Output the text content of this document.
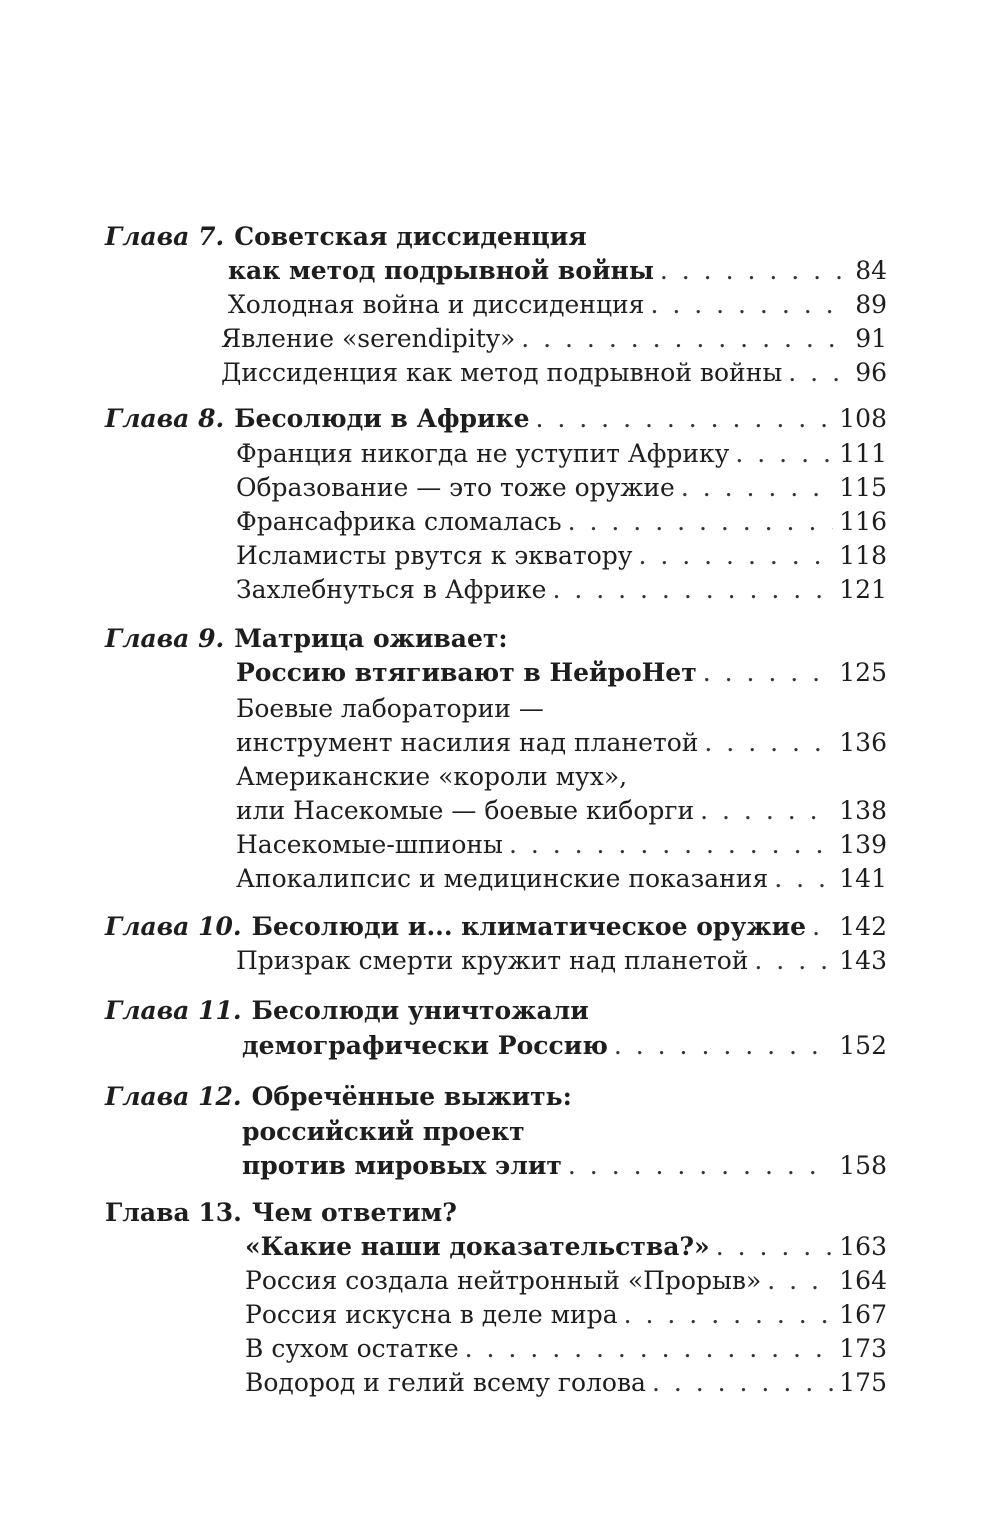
Глава 7. Советская диссиденция
как метод подрывной войны . . .	84
Холодная война и диссиденция . . .	89
Явление «serendipity» . . .	91
Диссиденция как метод подрывной войны . . .	96
Глава 8. Бесолюди в Африке . . .	108
Франция никогда не уступит Африку . . .	111
Образование — это тоже оружие . . .	115
Франсафрика сломалась . . .	116
Исламисты рвутся к экватору . . .	118
Захлебнуться в Африке . . .	121
Глава 9. Матрица оживает:
Россию втягивают в НейроНет . . .	125
Боевые лаборатории —
инструмент насилия над планетой . . .	136
Американские «короли мух»,
или Насекомые — боевые киборги . . .	138
Насекомые-шпионы . . .	139
Апокалипсис и медицинские показания . . .	141
Глава 10. Бесолюди и... климатическое оружие . . . 142
Призрак смерти кружит над планетой . . .	143
Глава 11. Бесолюди уничтожали
демографически Россию . . .	152
Глава 12. Обречённые выжить:
российский проект
против мировых элит . . .	158
Глава 13. Чем ответим?
«Какие наши доказательства?» . . .	163
Россия создала нейтронный «Прорыв» . . .	164
Россия искусна в деле мира . . .	167
В сухом остатке . . .	173
Водород и гелий всему голова . . .	175
